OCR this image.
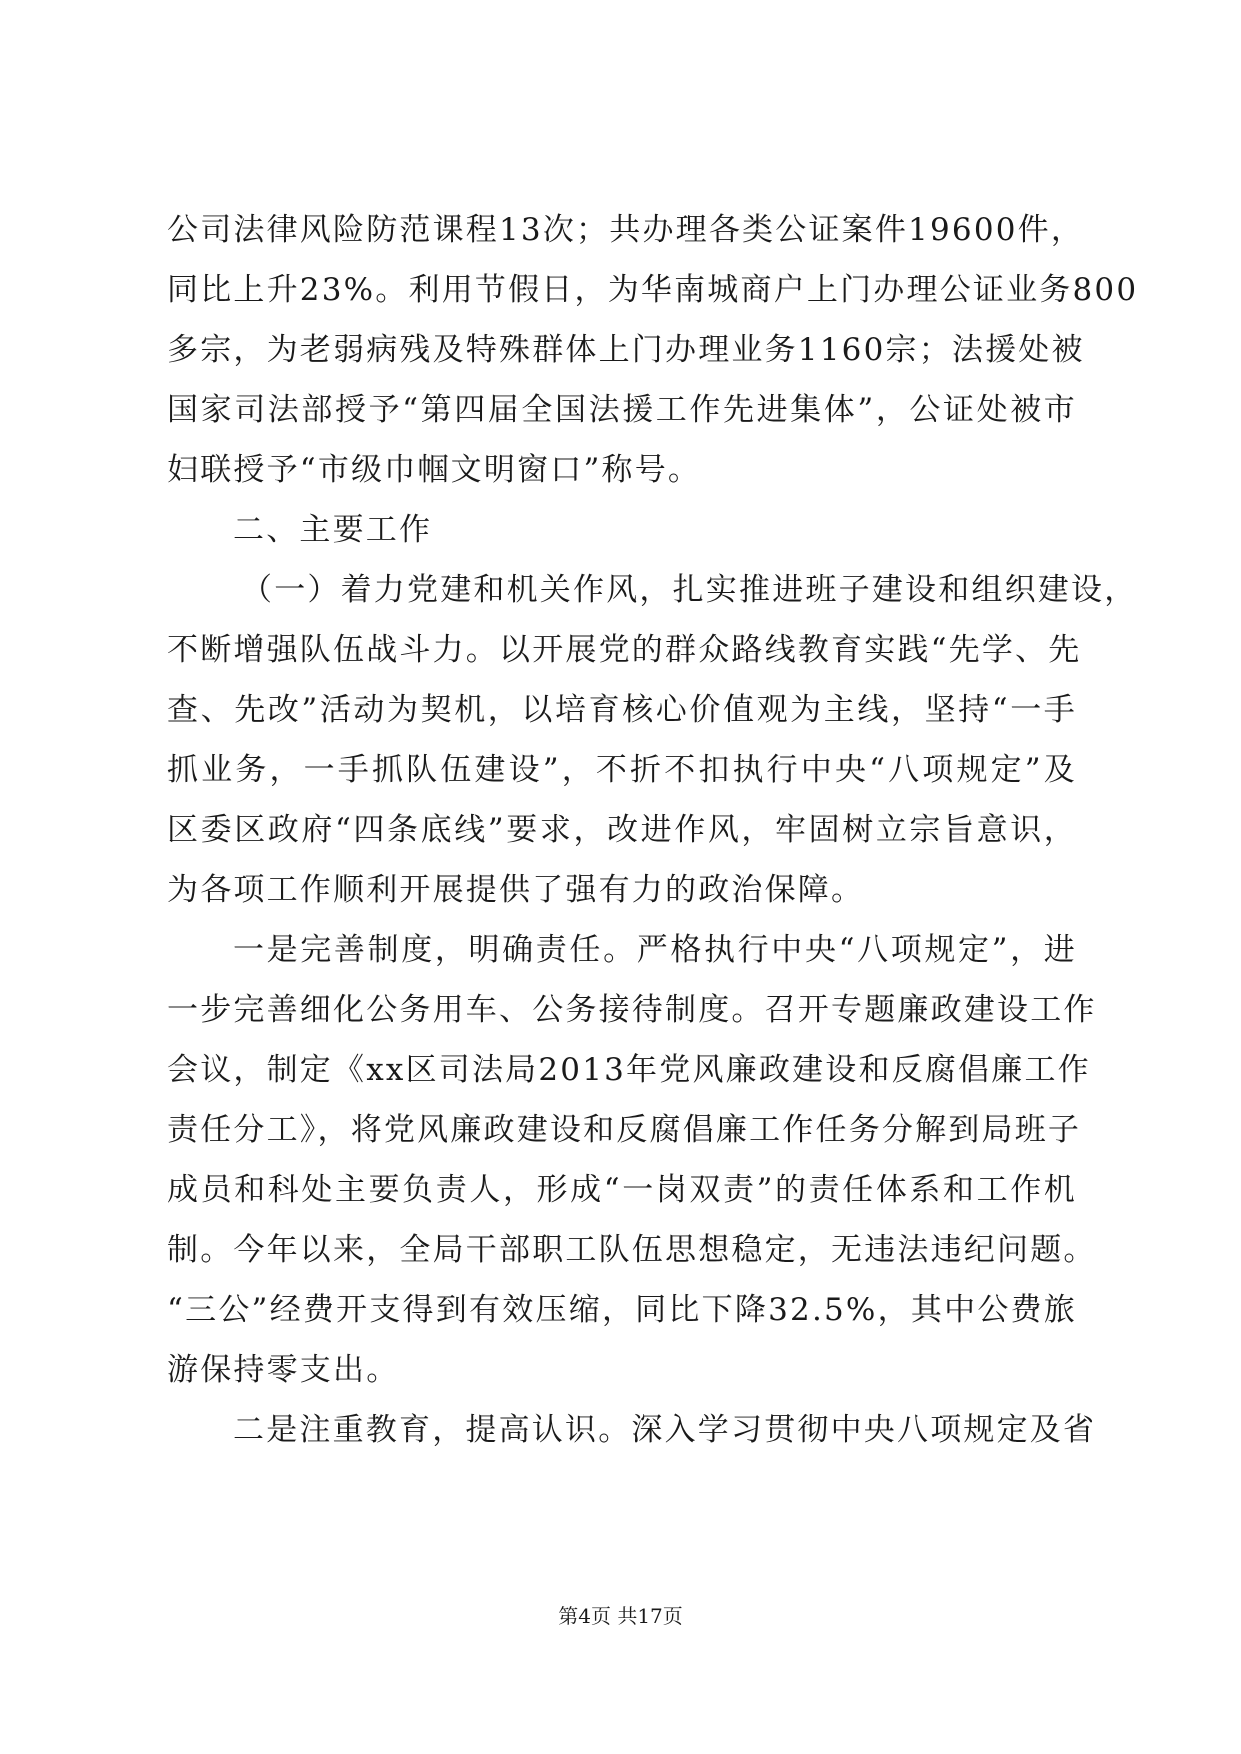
公司法律风险防范课程13次；共办理各类公证案件19600件，
同比上升23%。利用节假日，为华南城商户上门办理公证业务800
多宗，为老弱病残及特殊群体上门办理业务1160宗；法援处被
国家司法部授予“第四届全国法援工作先进集体”，公证处被市
妇联授予“市级巾帼文明窗口”称号。
二、主要工作
（一）着力党建和机关作风，扎实推进班子建设和组织建设，
不断增强队伍战斗力。以开展党的群众路线教育实践“先学、先
查、先改”活动为契机，以培育核心价值观为主线，坚持“一手
抓业务，一手抓队伍建设”，不折不扣执行中央“八项规定”及
区委区政府“四条底线”要求，改进作风，牢固树立宗旨意识，
为各项工作顺利开展提供了强有力的政治保障。
一是完善制度，明确责任。严格执行中央“八项规定”，进
一步完善细化公务用车、公务接待制度。召开专题廉政建设工作
会议，制定《xx区司法局2013年党风廉政建设和反腐倡廉工作
责任分工》，将党风廉政建设和反腐倡廉工作任务分解到局班子
成员和科处主要负责人，形成“一岗双责”的责任体系和工作机
制。今年以来，全局干部职工队伍思想稳定，无违法违纪问题。
“三公”经费开支得到有效压缩，同比下降32.5%，其中公费旅
游保持零支出。
二是注重教育，提高认识。深入学习贯彻中央八项规定及省
第4页 共17页
